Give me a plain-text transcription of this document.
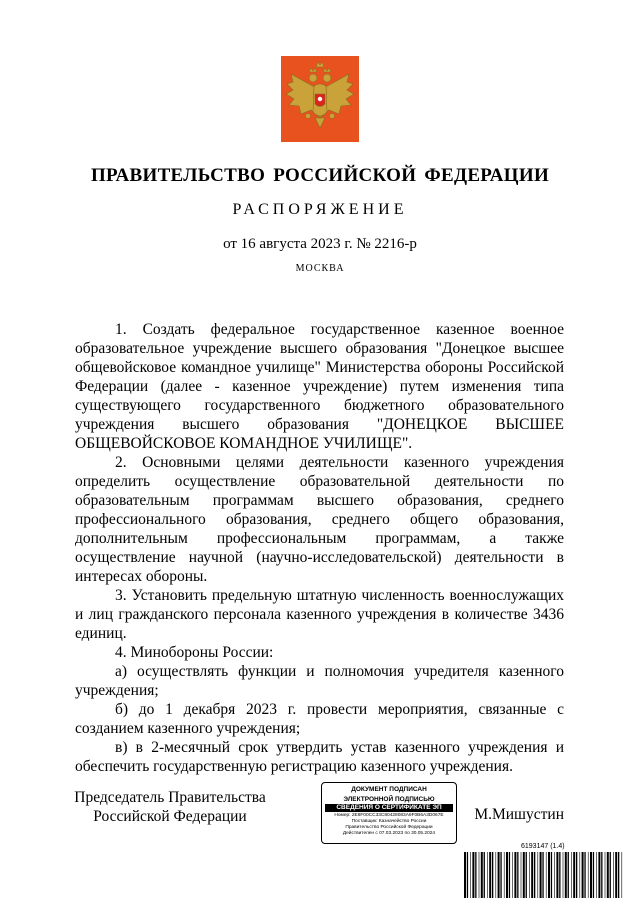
ПРАВИТЕЛЬСТВО РОССИЙСКОЙ ФЕДЕРАЦИИ
РАСПОРЯЖЕНИЕ
от 16 августа 2023 г. № 2216-р
МОСКВА

1. Создать федеральное государственное казенное военное образовательное учреждение высшего образования "Донецкое высшее общевойсковое командное училище" Министерства обороны Российской Федерации (далее - казенное учреждение) путем изменения типа существующего государственного бюджетного образовательного учреждения высшего образования "ДОНЕЦКОЕ ВЫСШЕЕ ОБЩЕВОЙСКОВОЕ КОМАНДНОЕ УЧИЛИЩЕ".

2. Основными целями деятельности казенного учреждения определить осуществление образовательной деятельности по образовательным программам высшего образования, среднего профессионального образования, среднего общего образования, дополнительным профессиональным программам, а также осуществление научной (научно-исследовательской) деятельности в интересах обороны.

3. Установить предельную штатную численность военнослужащих и лиц гражданского персонала казенного учреждения в количестве 3436 единиц.

4. Минобороны России:

а) осуществлять функции и полномочия учредителя казенного учреждения;

б) до 1 декабря 2023 г. провести мероприятия, связанные с созданием казенного учреждения;

в) в 2-месячный срок утвердить устав казенного учреждения и обеспечить государственную регистрацию казенного учреждения.

Председатель Правительства
Российской Федерации
ДОКУМЕНТ ПОДПИСАН
ЭЛЕКТРОННОЙ ПОДПИСЬЮ
СВЕДЕНИЯ О СЕРТИФИКАТЕ ЭП
Номер: 2E8F00CC33C80428083A9F0B6A3D067E
Поставщик: Казначейство России
Правительство Российской Федерации
Действителен с 07.03.2023 по 30.05.2024
М.Мишустин
6193147 (1.4)
